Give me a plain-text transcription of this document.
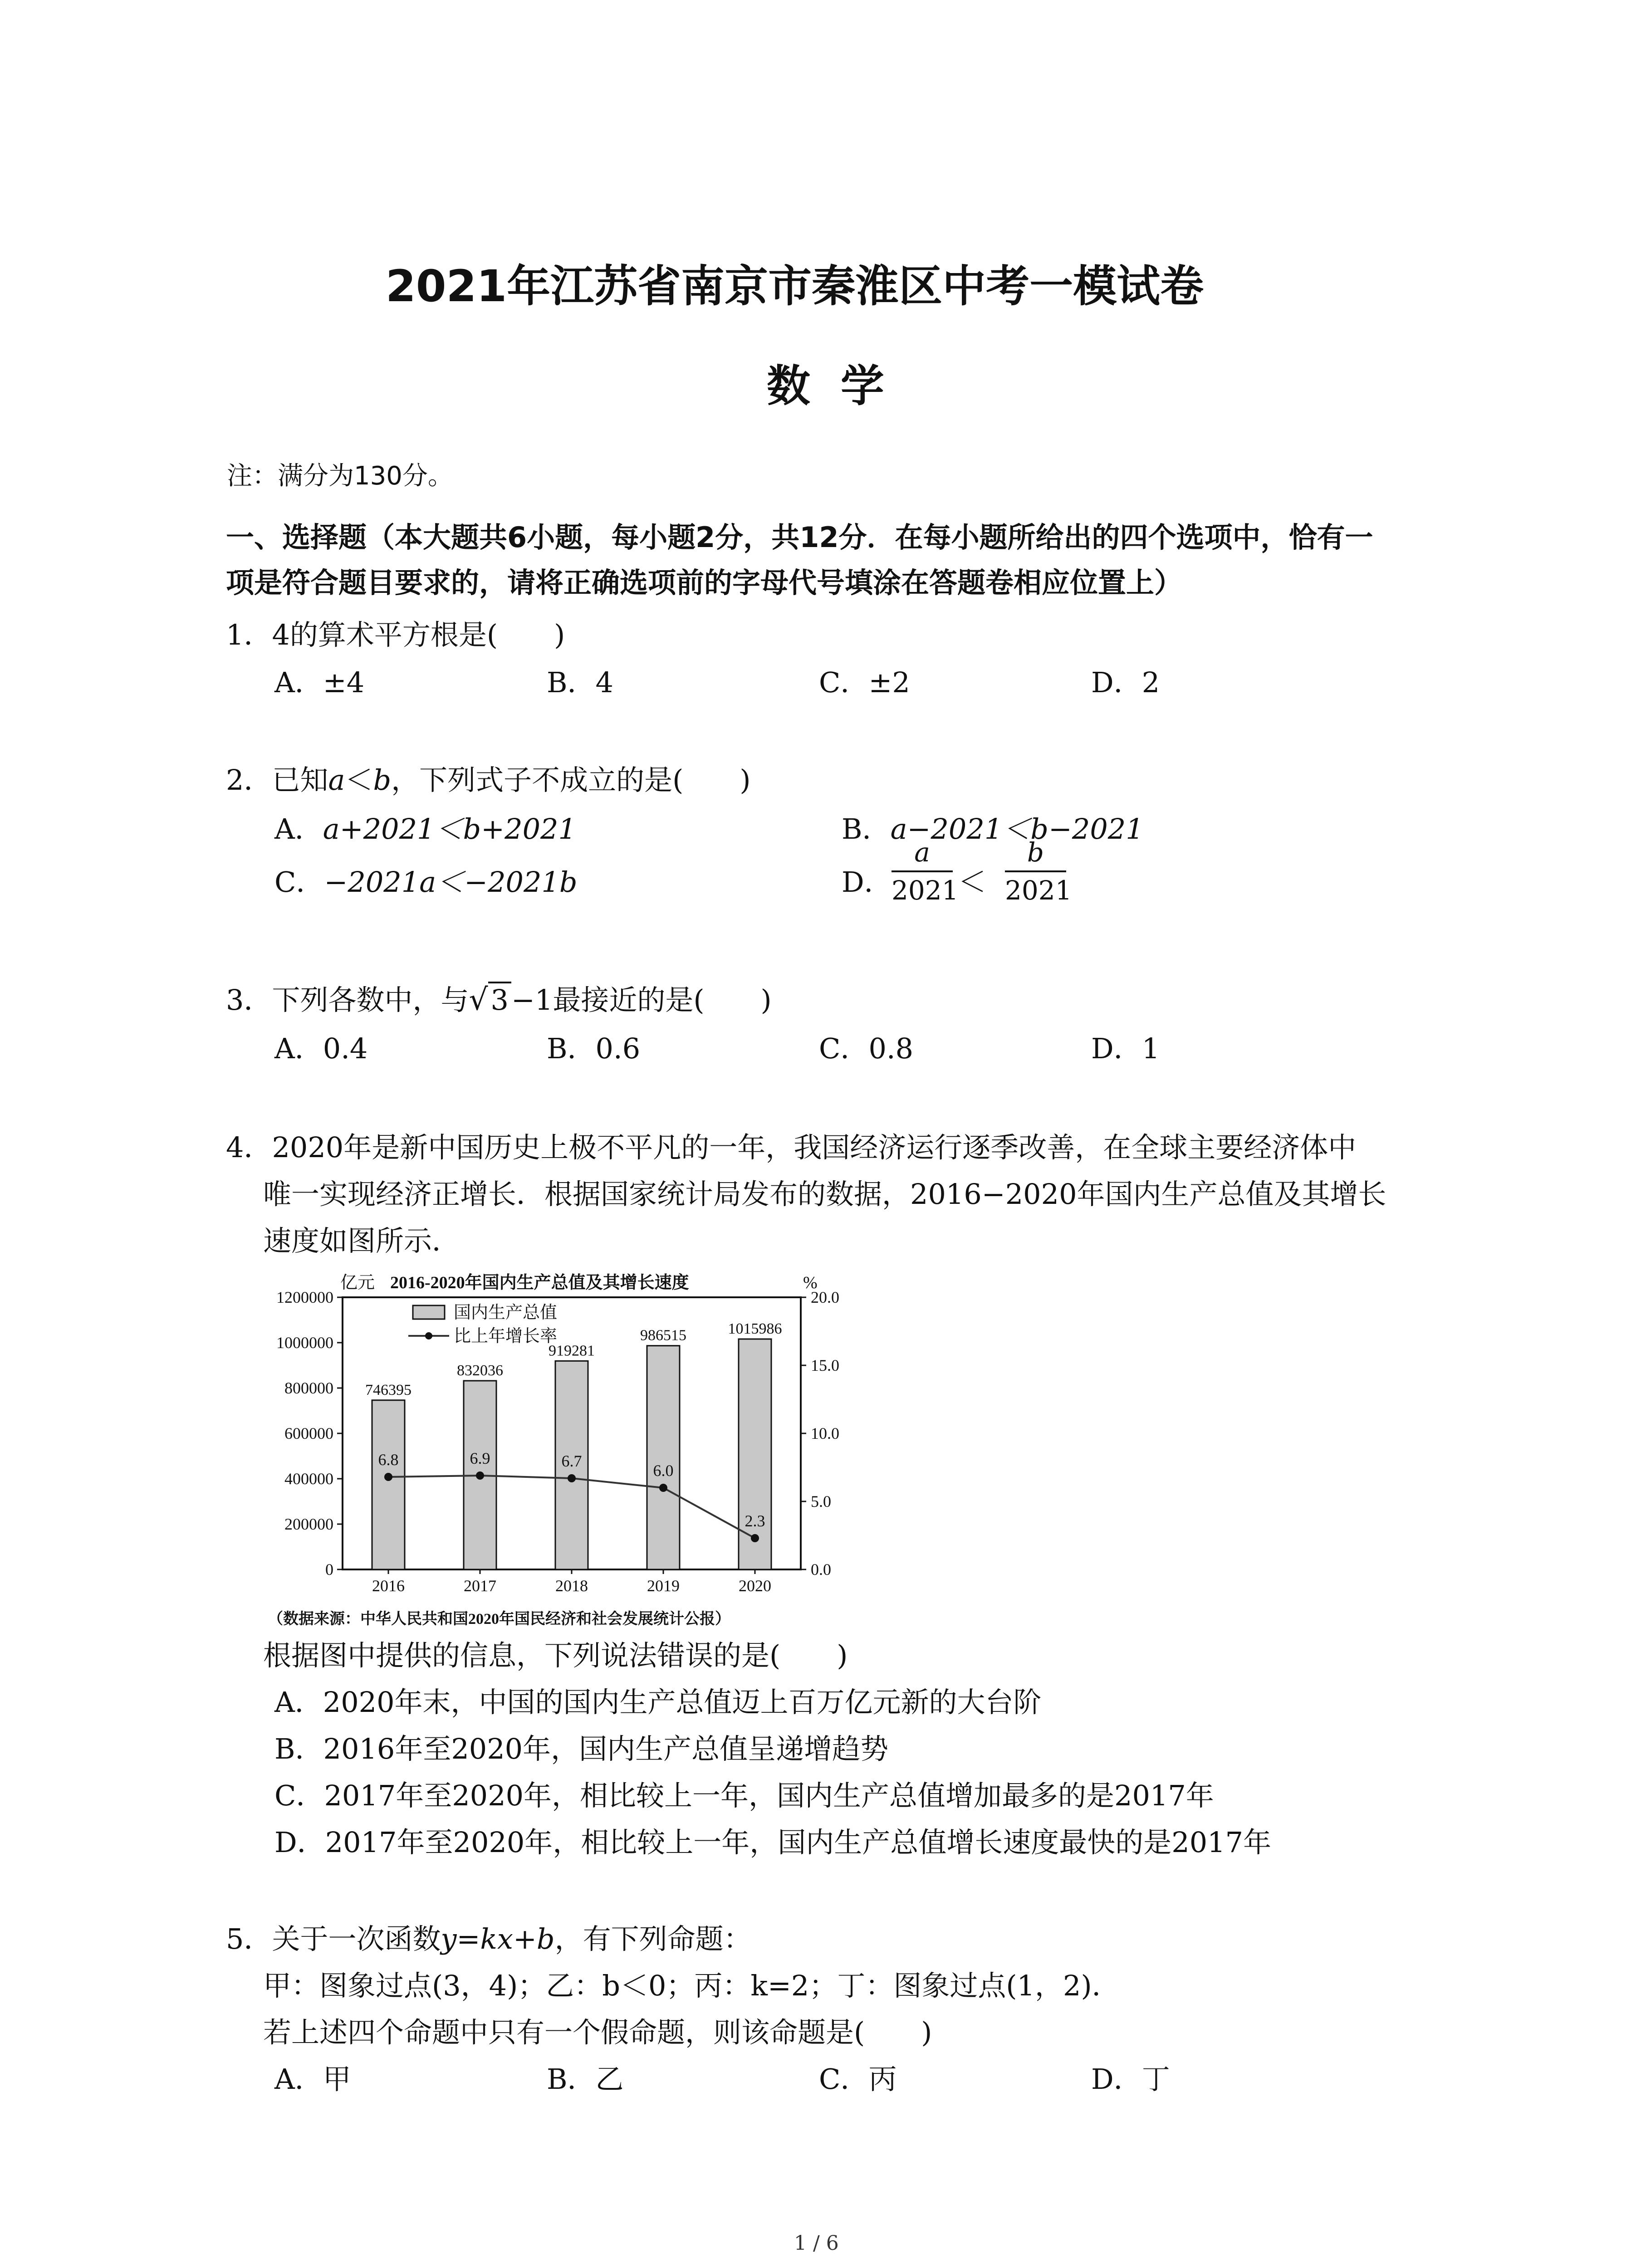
2021年江苏省南京市秦淮区中考一模试卷
数  学
注：满分为130分。
一、选择题（本大题共6小题，每小题2分，共12分．在每小题所给出的四个选项中，恰有一
项是符合题目要求的，请将正确选项前的字母代号填涂在答题卷相应位置上）
1．4的算术平方根是(　　)
A．±4	B．4	C．±2	D．2
2．已知a＜b，下列式子不成立的是(　　)
A．a+2021＜b+2021	B．a−2021＜b−2021
C．−2021a＜−2021b	D．
a
2021 ＜
b
2021
3．下列各数中，与√3−1最接近的是(　　)
A．0.4	B．0.6	C．0.8	D．1
4．2020年是新中国历史上极不平凡的一年，我国经济运行逐季改善，在全球主要经济体中
唯一实现经济正增长．根据国家统计局发布的数据，2016−2020年国内生产总值及其增长
速度如图所示．
亿元 2016-2020年国内生产总值及其增长速度	%
0
200000
400000
600000
800000
1000000
1200000
0.0
5.0
10.0
15.0
20.0
746395
2016
832036
2017
919281
2018
986515
2019
1015986
2020
6.8	6.9	6.7
6.0
2.3
国内生产总值
比上年增长率
（数据来源：中华人民共和国2020年国民经济和社会发展统计公报）
根据图中提供的信息，下列说法错误的是(　　)
A．2020年末，中国的国内生产总值迈上百万亿元新的大台阶
B．2016年至2020年，国内生产总值呈递增趋势
C．2017年至2020年，相比较上一年，国内生产总值增加最多的是2017年
D．2017年至2020年，相比较上一年，国内生产总值增长速度最快的是2017年
5．关于一次函数y=kx+b，有下列命题：
甲：图象过点(3，4)；乙：b＜0；丙：k=2；丁：图象过点(1，2)．
若上述四个命题中只有一个假命题，则该命题是(　　)
A．甲	B．乙	C．丙	D．丁
1 / 6
